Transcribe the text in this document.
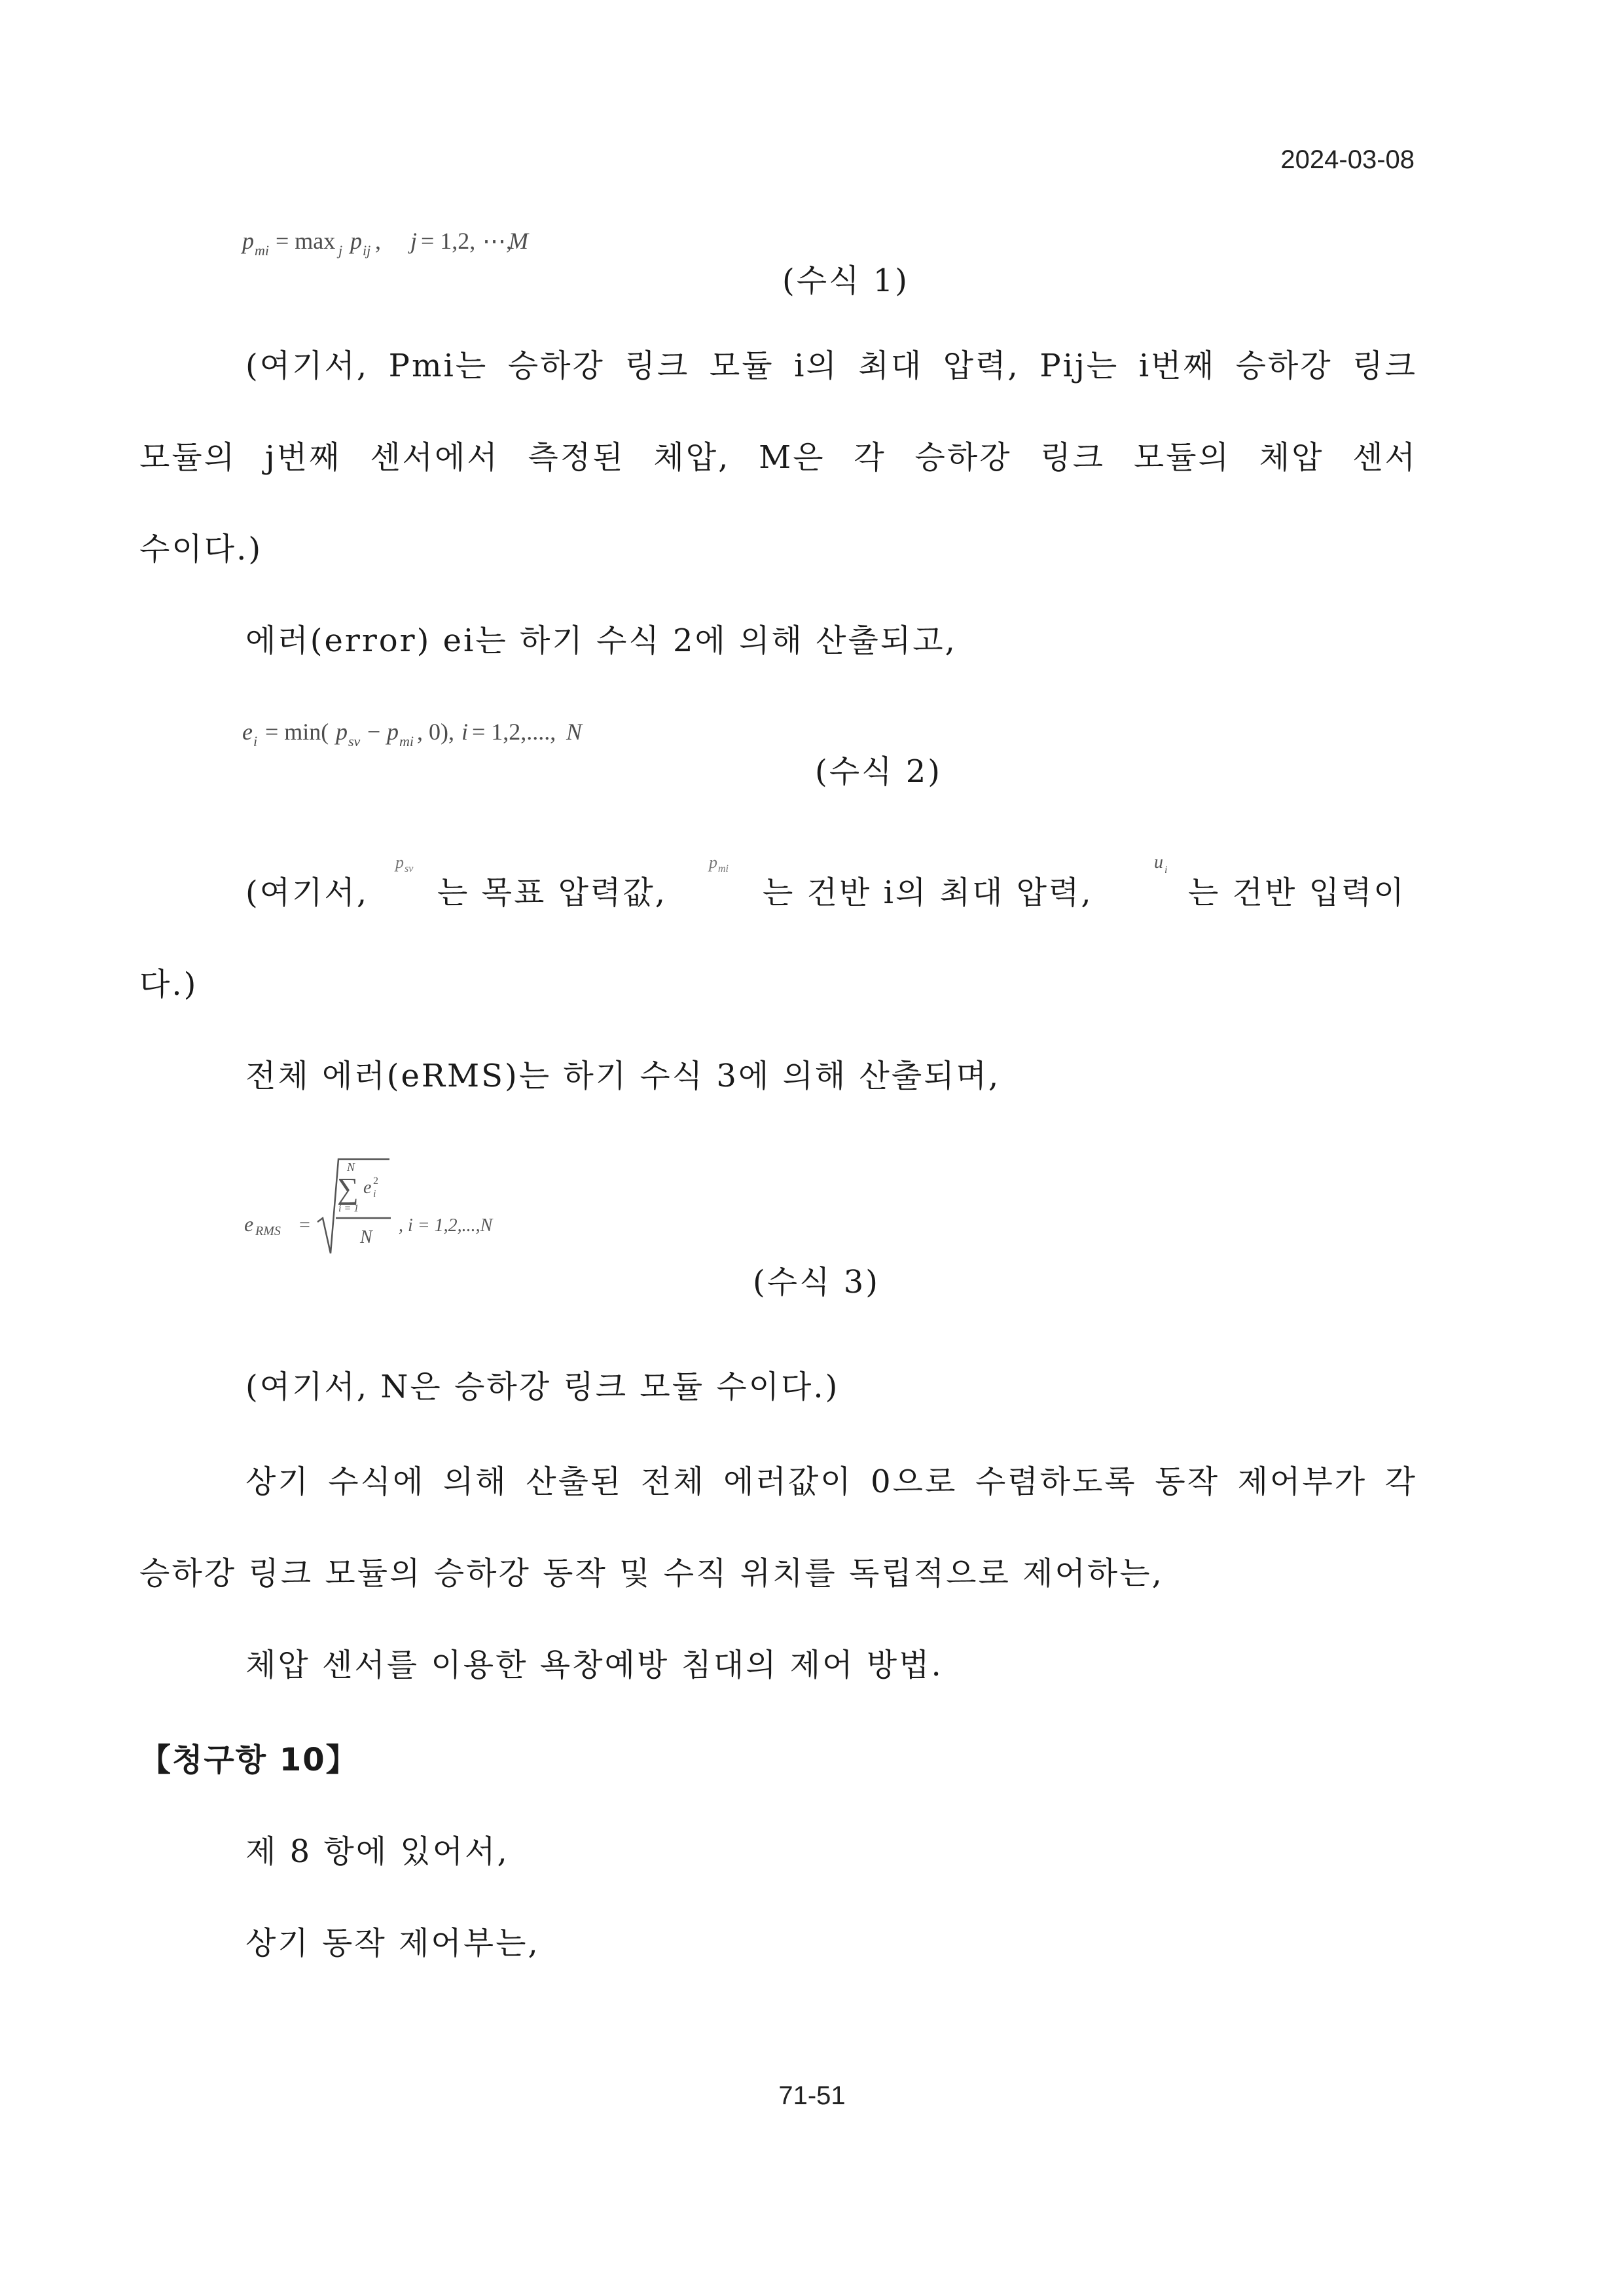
2024-03-08
p mi = max j p ij , j = 1,2, ⋯,
M
(수식 1)
(여기서, Pmi는 승하강 링크 모듈 i의 최대 압력, Pij는 i번째 승하강 링크
모듈의 j번째 센서에서 측정된 체압, M은 각 승하강 링크 모듈의 체압 센서
수이다.)
에러(error) ei는 하기 수식 2에 의해 산출되고,
e i = min( p sv − p mi , 0), i = 1,2,...., N
(수식 2)
(여기서,
p sv
는 목표 압력값,
p mi
는 건반 i의 최대 압력,
u i
는 건반 입력이
다.)
전체 에러(eRMS)는 하기 수식 3에 의해 산출되며,
e RMS =
N
∑ e 2
i
i = 1
N
, i = 1,2,...,N
(수식 3)
(여기서, N은 승하강 링크 모듈 수이다.)
상기 수식에 의해 산출된 전체 에러값이 0으로 수렴하도록 동작 제어부가 각
승하강 링크 모듈의 승하강 동작 및 수직 위치를 독립적으로 제어하는,
체압 센서를 이용한 욕창예방 침대의 제어 방법.
【청구항 10】
제 8 항에 있어서,
상기 동작 제어부는,
71-51
